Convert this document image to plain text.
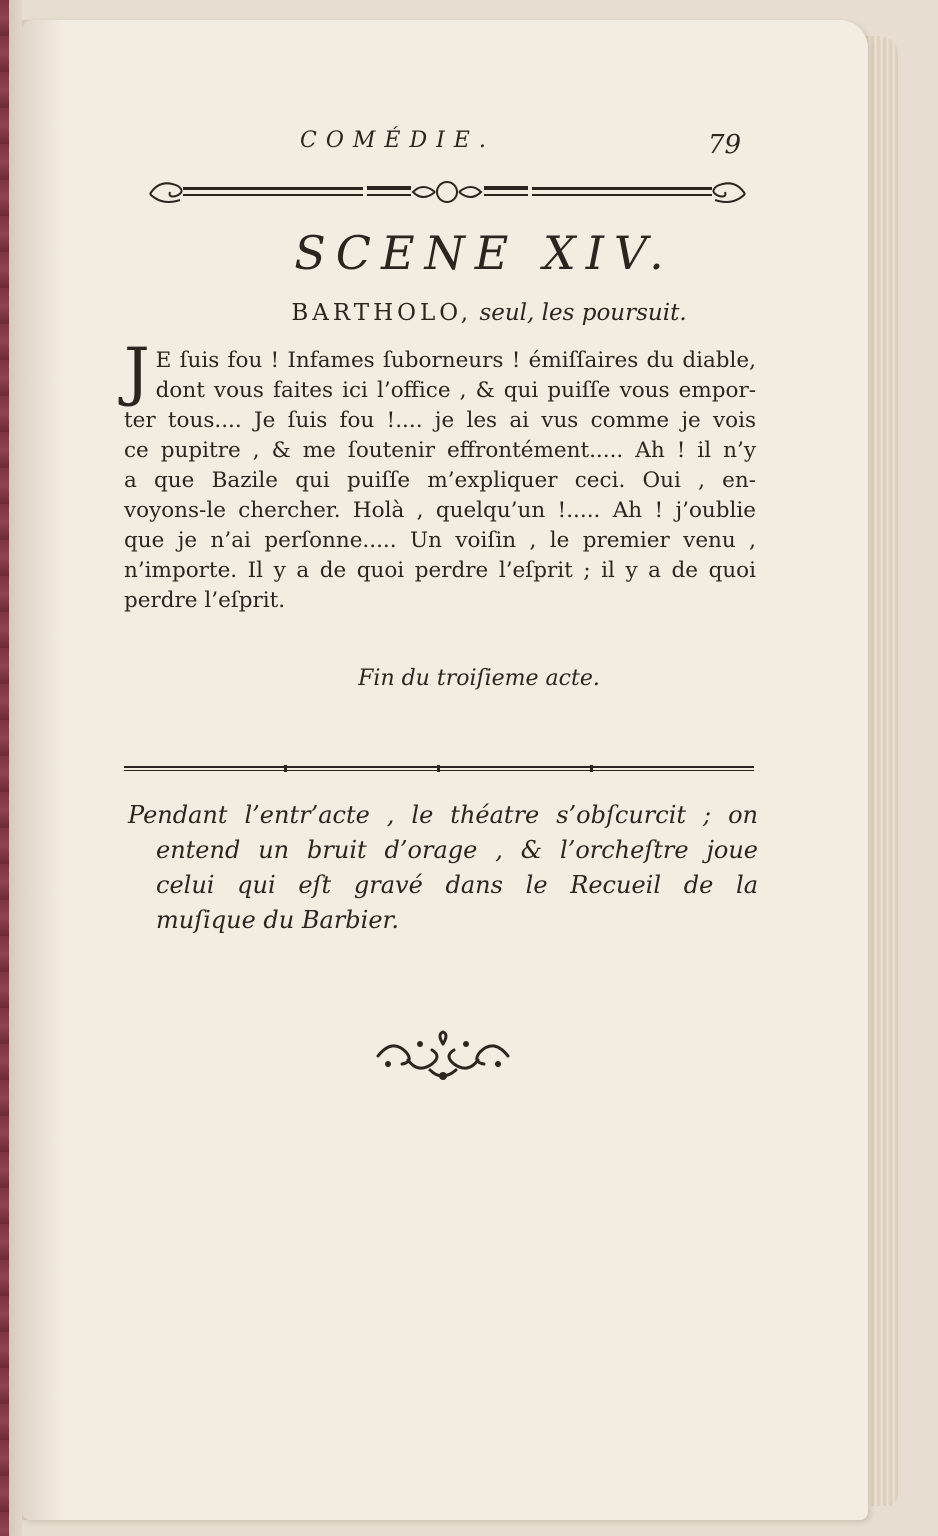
COMÉDIE.	79
SCENE XIV.
BARTHOLO, seul, les poursuit.
J E ſuis fou ! Infames ſuborneurs ! émiſſaires du diable,
dont vous faites ici l’office , & qui puiſſe vous empor-
ter tous.... Je ſuis fou !.... je les ai vus comme je vois
ce pupitre , & me ſoutenir effrontément..... Ah ! il n’y
a que Bazile qui puiſſe m’expliquer ceci. Oui , en-
voyons-le chercher. Holà , quelqu’un !..... Ah ! j’oublie
que je n’ai perſonne..... Un voiſin , le premier venu ,
n’importe. Il y a de quoi perdre l’eſprit ; il y a de quoi
perdre l’eſprit.
Fin du troiſieme acte.
Pendant l’entr’acte , le théatre s’obſcurcit ; on
entend un bruit d’orage , & l’orcheſtre joue
celui qui eſt gravé dans le Recueil de la
muſique du Barbier.
